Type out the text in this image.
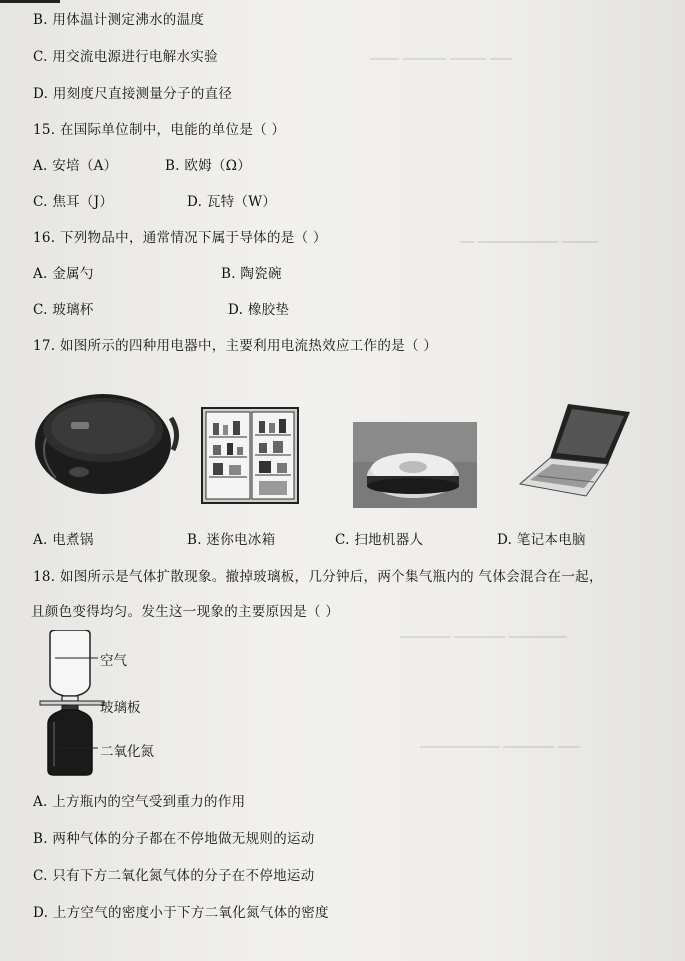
━━━━ ━━━━━━ ━━━━━ ━━━
━━ ━━━━━━━━━━━ ━━━━━
━━━━━━━ ━━━━━━━ ━━━━━━━━
━━━━━━━━━━━ ━━━━━━━ ━━━
B. 用体温计测定沸水的温度
C. 用交流电源进行电解水实验
D. 用刻度尺直接测量分子的直径
15. 在国际单位制中，电能的单位是（ ）
A. 安培（A）	B. 欧姆（Ω）
C. 焦耳（J）	D. 瓦特（W）
16. 下列物品中，通常情况下属于导体的是（ ）
A. 金属勺	B. 陶瓷碗
C. 玻璃杯	D. 橡胶垫
17. 如图所示的四种用电器中，主要利用电流热效应工作的是（ ）
A. 电煮锅	B. 迷你电冰箱	C. 扫地机器人	D. 笔记本电脑
18. 如图所示是气体扩散现象。撤掉玻璃板，几分钟后，两个集气瓶内的 气体会混合在一起，
且颜色变得均匀。发生这一现象的主要原因是（ ）
空气
玻璃板
二氧化氮
A. 上方瓶内的空气受到重力的作用
B. 两种气体的分子都在不停地做无规则的运动
C. 只有下方二氧化氮气体的分子在不停地运动
D. 上方空气的密度小于下方二氧化氮气体的密度
